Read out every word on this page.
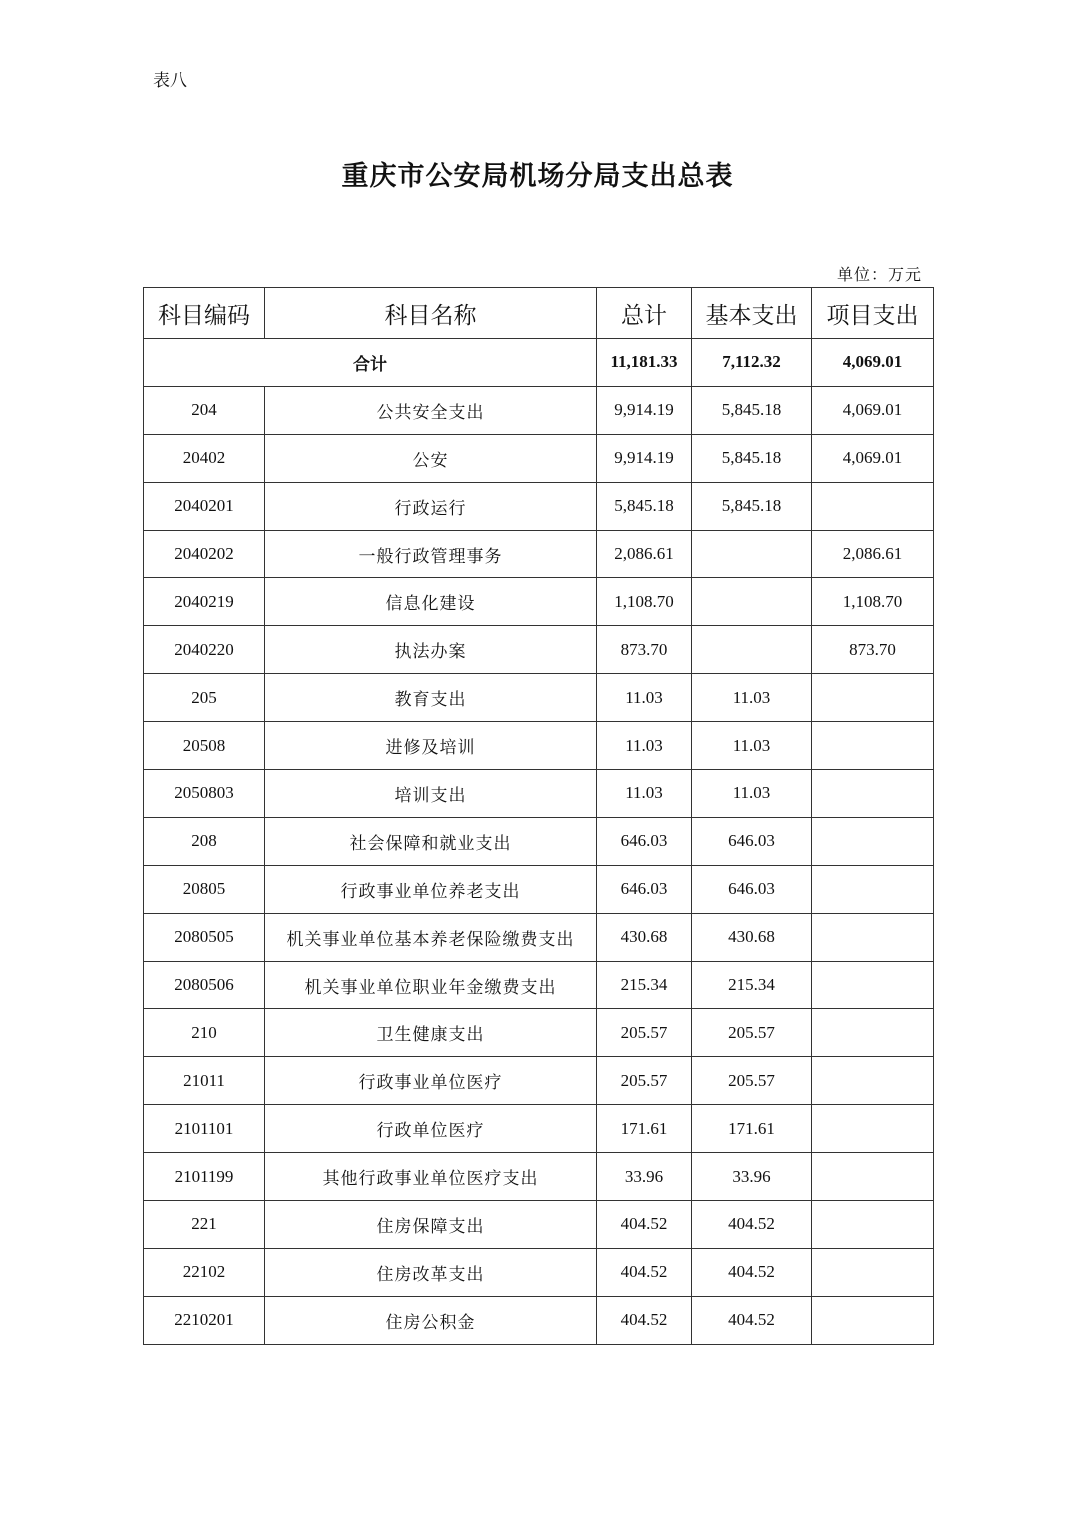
表八
重庆市公安局机场分局支出总表
单位：万元
科目编码	科目名称	总计	基本支出	项目支出
合计		11,181.33	7,112.32	4,069.01
204	公共安全支出	9,914.19	5,845.18	4,069.01
20402	公安	9,914.19	5,845.18	4,069.01
2040201	行政运行	5,845.18	5,845.18	
2040202	一般行政管理事务	2,086.61		2,086.61
2040219	信息化建设	1,108.70		1,108.70
2040220	执法办案	873.70		873.70
205	教育支出	11.03	11.03	
20508	进修及培训	11.03	11.03	
2050803	培训支出	11.03	11.03	
208	社会保障和就业支出	646.03	646.03	
20805	行政事业单位养老支出	646.03	646.03	
2080505	机关事业单位基本养老保险缴费支出	430.68	430.68	
2080506	机关事业单位职业年金缴费支出	215.34	215.34	
210	卫生健康支出	205.57	205.57	
21011	行政事业单位医疗	205.57	205.57	
2101101	行政单位医疗	171.61	171.61	
2101199	其他行政事业单位医疗支出	33.96	33.96	
221	住房保障支出	404.52	404.52	
22102	住房改革支出	404.52	404.52	
2210201	住房公积金	404.52	404.52	
